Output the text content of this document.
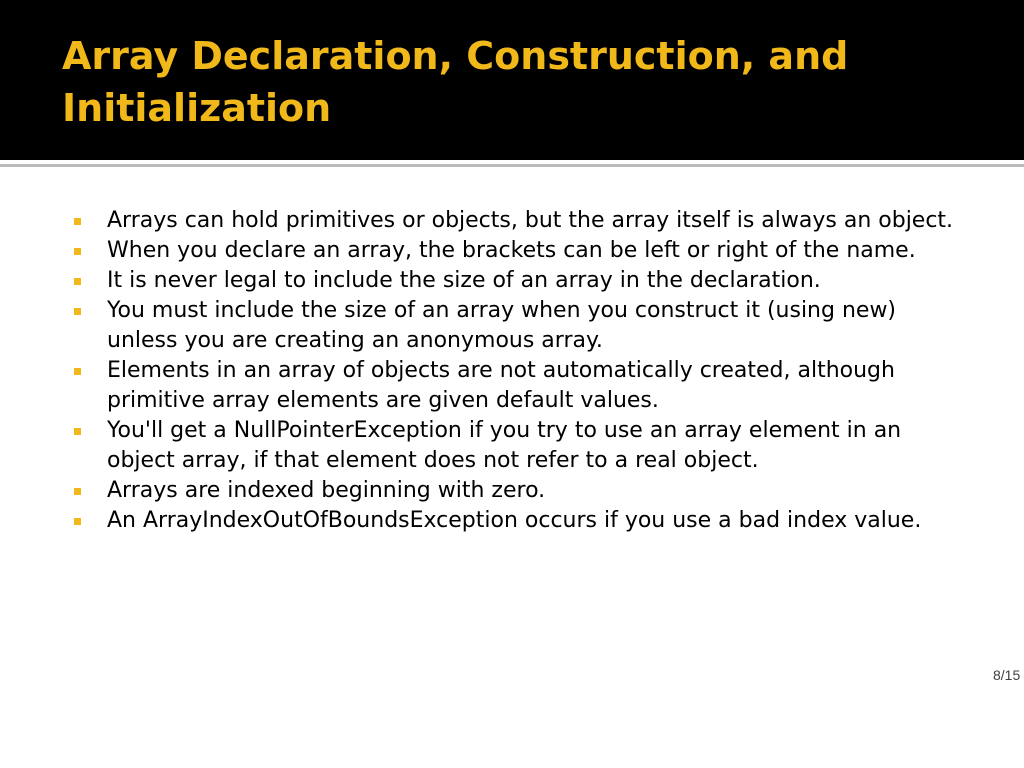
Array Declaration, Construction, and Initialization
Arrays can hold primitives or objects, but the array itself is always an object.
When you declare an array, the brackets can be left or right of the name.
It is never legal to include the size of an array in the declaration.
You must include the size of an array when you construct it (using new) unless you are creating an anonymous array.
Elements in an array of objects are not automatically created, although primitive array elements are given default values.
You'll get a NullPointerException if you try to use an array element in an object array, if that element does not refer to a real object.
Arrays are indexed beginning with zero.
An ArrayIndexOutOfBoundsException occurs if you use a bad index value.
8/15
